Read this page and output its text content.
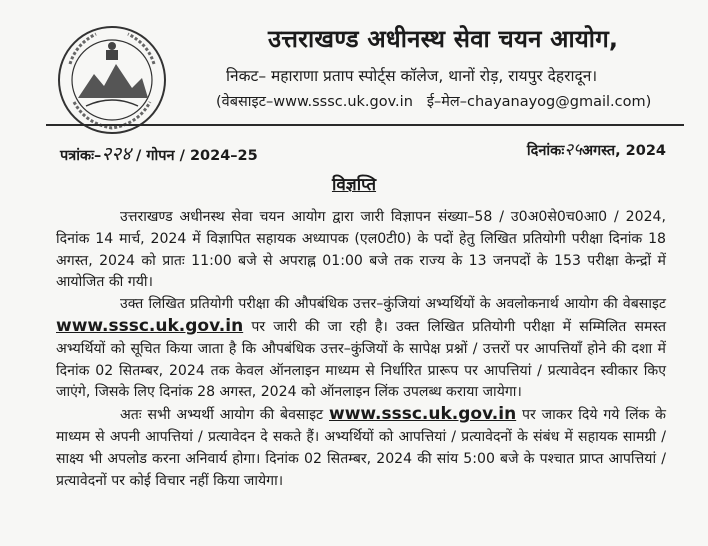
उत्तराखण्ड अधीनस्थ सेवा चयन आयोग,
निकट– महाराणा प्रताप स्पोर्ट्स कॉलेज, थानों रोड़, रायपुर देहरादून।
(वेबसाइट–www.sssc.uk.gov.in ई–मेल–chayanayog@gmail.com)
पत्रांकः–२२४ / गोपन / 2024–25	दिनांकः२५अगस्त, 2024
विज्ञप्ति

उत्तराखण्ड अधीनस्थ सेवा चयन आयोग द्वारा जारी विज्ञापन संख्या–58 / उ0अ0से0च0आ0 / 2024, दिनांक 14 मार्च, 2024 में विज्ञापित सहायक अध्यापक (एल0टी0) के पदों हेतु लिखित प्रतियोगी परीक्षा दिनांक 18 अगस्त, 2024 को प्रातः 11:00 बजे से अपराह्न 01:00 बजे तक राज्य के 13 जनपदों के 153 परीक्षा केन्द्रों में आयोजित की गयी।

उक्त लिखित प्रतियोगी परीक्षा की औपबंधिक उत्तर–कुंजियां अभ्यर्थियों के अवलोकनार्थ आयोग की वेबसाइट www.sssc.uk.gov.in पर जारी की जा रही है। उक्त लिखित प्रतियोगी परीक्षा में सम्मिलित समस्त अभ्यर्थियों को सूचित किया जाता है कि औपबंधिक उत्तर–कुंजियों के सापेक्ष प्रश्नों / उत्तरों पर आपत्तियाँ होने की दशा में दिनांक 02 सितम्बर, 2024 तक केवल ऑनलाइन माध्यम से निर्धारित प्रारूप पर आपत्तियां / प्रत्यावेदन स्वीकार किए जाएंगे, जिसके लिए दिनांक 28 अगस्त, 2024 को ऑनलाइन लिंक उपलब्ध कराया जायेगा।

अतः सभी अभ्यर्थी आयोग की बेवसाइट www.sssc.uk.gov.in पर जाकर दिये गये लिंक के माध्यम से अपनी आपत्तियां / प्रत्यावेदन दे सकते हैं। अभ्यर्थियों को आपत्तियां / प्रत्यावेदनों के संबंध में सहायक सामग्री / साक्ष्य भी अपलोड करना अनिवार्य होगा। दिनांक 02 सितम्बर, 2024 की सांय 5:00 बजे के पश्चात प्राप्त आपत्तियां / प्रत्यावेदनों पर कोई विचार नहीं किया जायेगा।
